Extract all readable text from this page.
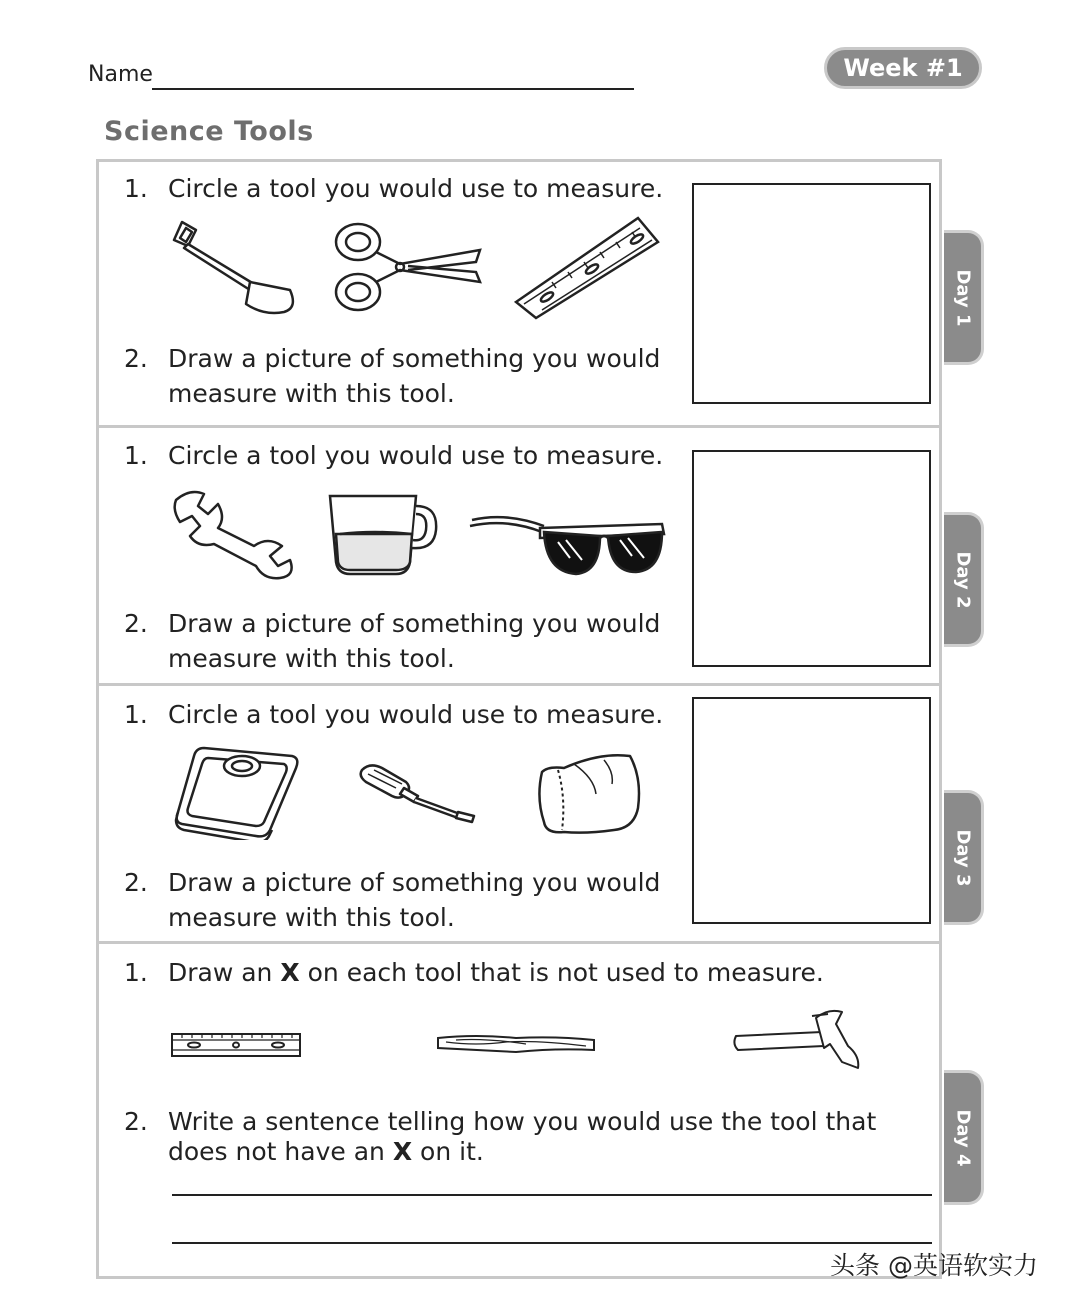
Name	Week #1
Science Tools
Day 1
Day 2
Day 3
Day 4
1. Circle a tool you would use to measure.
2. Draw a picture of something you would
measure with this tool.
1. Circle a tool you would use to measure.
2. Draw a picture of something you would
measure with this tool.
1. Circle a tool you would use to measure.
2. Draw a picture of something you would
measure with this tool.
1. Draw an X on each tool that is not used to measure.
2. Write a sentence telling how you would use the tool that
does not have an X on it.
头条 @英语软实力
